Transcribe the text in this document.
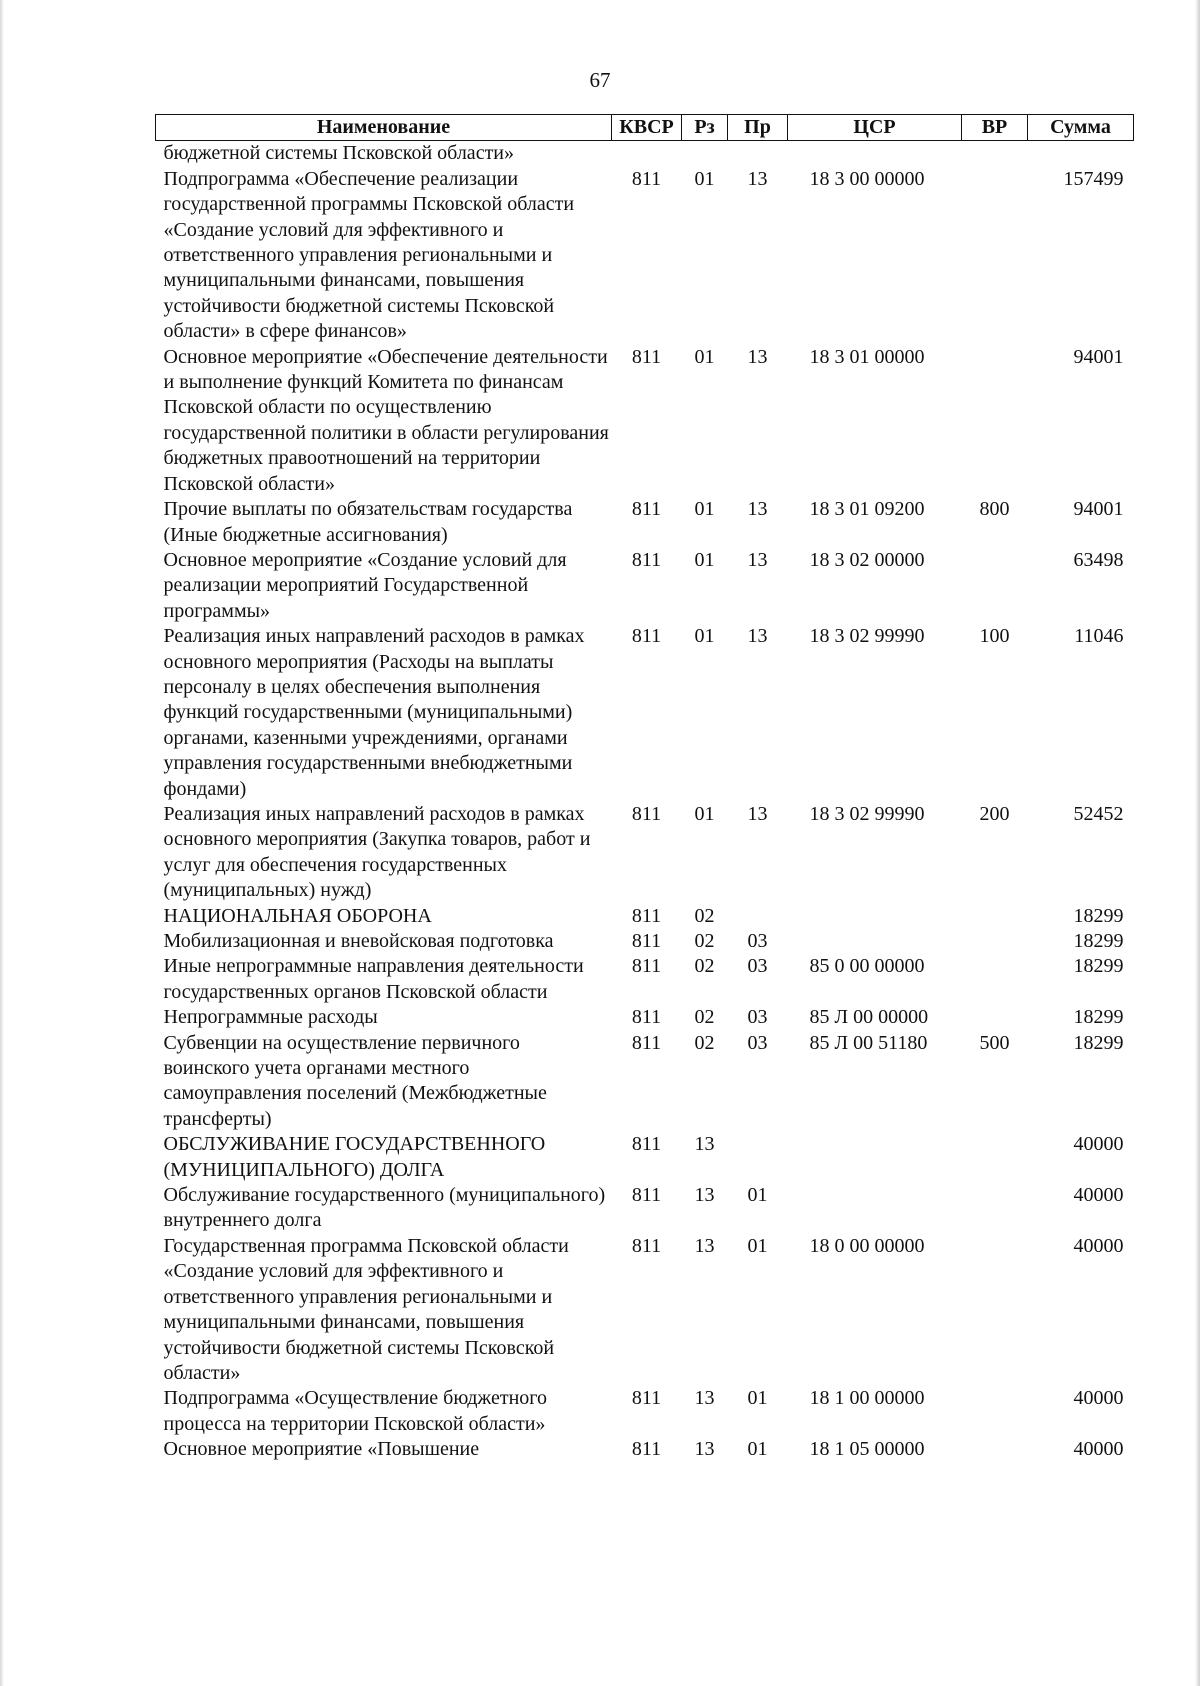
67
Наименование	КВСР	Рз	Пр	ЦСР	ВР	Сумма
бюджетной системы Псковской области»						
Подпрограмма «Обеспечение реализации государственной программы Псковской области «Создание условий для эффективного и ответственного управления региональными и муниципальными финансами, повышения устойчивости бюджетной системы Псковской области» в сфере финансов»	811	01	13	18 3 00 00000		157499
Основное мероприятие «Обеспечение деятельности и выполнение функций Комитета по финансам Псковской области по осуществлению государственной политики в области регулирования бюджетных правоотношений на территории Псковской области»	811	01	13	18 3 01 00000		94001
Прочие выплаты по обязательствам государства (Иные бюджетные ассигнования)	811	01	13	18 3 01 09200	800	94001
Основное мероприятие «Создание условий для реализации мероприятий Государственной программы»	811	01	13	18 3 02 00000		63498
Реализация иных направлений расходов в рамках основного мероприятия (Расходы на выплаты персоналу в целях обеспечения выполнения функций государственными (муниципальными) органами, казенными учреждениями, органами управления государственными внебюджетными фондами)	811	01	13	18 3 02 99990	100	11046
Реализация иных направлений расходов в рамках основного мероприятия (Закупка товаров, работ и услуг для обеспечения государственных (муниципальных) нужд)	811	01	13	18 3 02 99990	200	52452
НАЦИОНАЛЬНАЯ ОБОРОНА	811	02				18299
Мобилизационная и вневойсковая подготовка	811	02	03			18299
Иные непрограммные направления деятельности государственных органов Псковской области	811	02	03	85 0 00 00000		18299
Непрограммные расходы	811	02	03	85 Л 00 00000		18299
Субвенции на осуществление первичного воинского учета органами местного самоуправления поселений (Межбюджетные трансферты)	811	02	03	85 Л 00 51180	500	18299
ОБСЛУЖИВАНИЕ ГОСУДАРСТВЕННОГО (МУНИЦИПАЛЬНОГО) ДОЛГА	811	13				40000
Обслуживание государственного (муниципального) внутреннего долга	811	13	01			40000
Государственная программа Псковской области «Создание условий для эффективного и ответственного управления региональными и муниципальными финансами, повышения устойчивости бюджетной системы Псковской области»	811	13	01	18 0 00 00000		40000
Подпрограмма «Осуществление бюджетного процесса на территории Псковской области»	811	13	01	18 1 00 00000		40000
Основное мероприятие «Повышение	811	13	01	18 1 05 00000		40000
